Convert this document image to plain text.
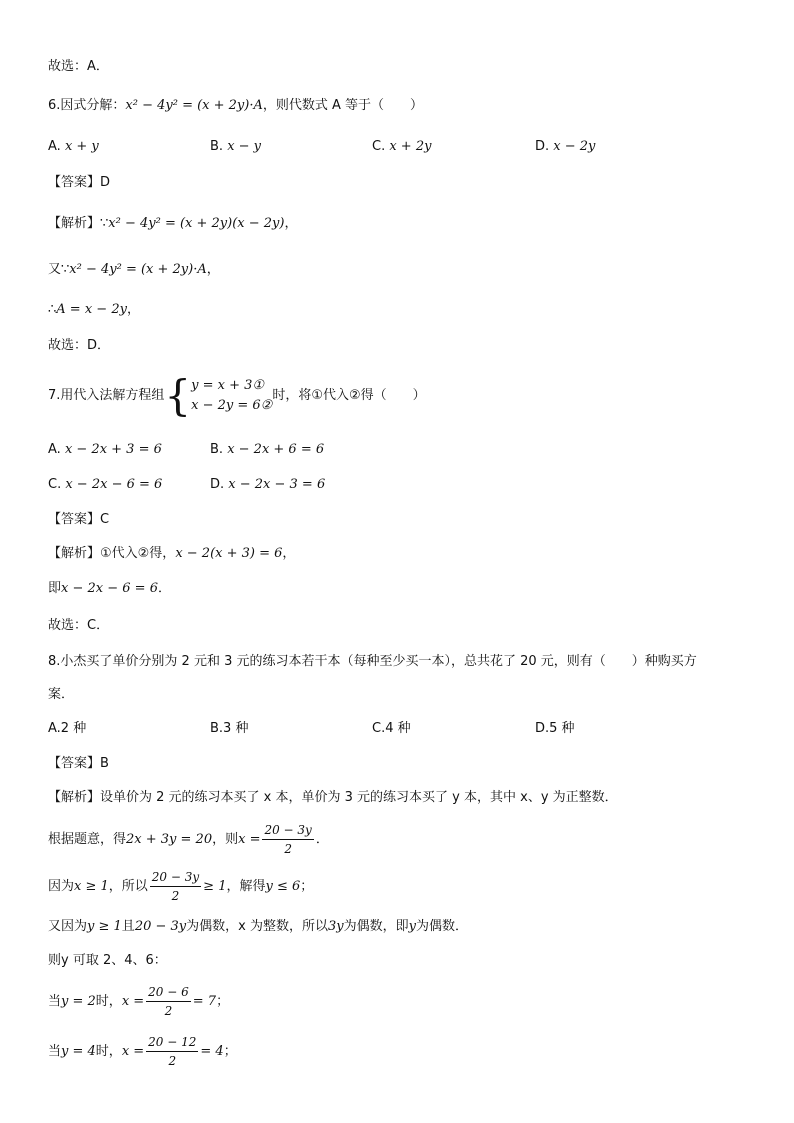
故选：A．
6.因式分解：x² − 4y² = (x + 2y)·A，则代数式 A 等于（　　）
A. x + y	B. x − y	C. x + 2y	D. x − 2y
【答案】D
【解析】∵x² − 4y² = (x + 2y)(x − 2y)，
又∵x² − 4y² = (x + 2y)·A，
∴A = x − 2y，
故选：D．
7.用代入法解方程组 { y = x + 3①
x − 2y = 6②
时，将①代入②得（　　）
A. x − 2x + 3 = 6	B. x − 2x + 6 = 6
C. x − 2x − 6 = 6	D. x − 2x − 3 = 6
【答案】C
【解析】①代入②得，x − 2(x + 3) = 6，
即x − 2x − 6 = 6．
故选：C．
8.小杰买了单价分别为 2 元和 3 元的练习本若干本（每种至少买一本），总共花了 20 元，则有（　　）种购买方
案．
A.2 种	B.3 种	C.4 种	D.5 种
【答案】B
【解析】设单价为 2 元的练习本买了 x 本，单价为 3 元的练习本买了 y 本，其中 x、y 为正整数．
根据题意，得2x + 3y = 20，则$x = \frac{20 - 3y}{2}$ ．
因为x ≥ 1，所以 $\frac{20 - 3y}{2} \ge 1$，解得y ≤ 6；
又因为y ≥ 1且20 − 3y为偶数，x 为整数，所以3y为偶数，即y为偶数．
则y 可取 2、4、6：
当y = 2时，$x = \frac{20 - 6}{2} = 7$；
当y = 4时，$x = \frac{20 - 12}{2} = 4$；
